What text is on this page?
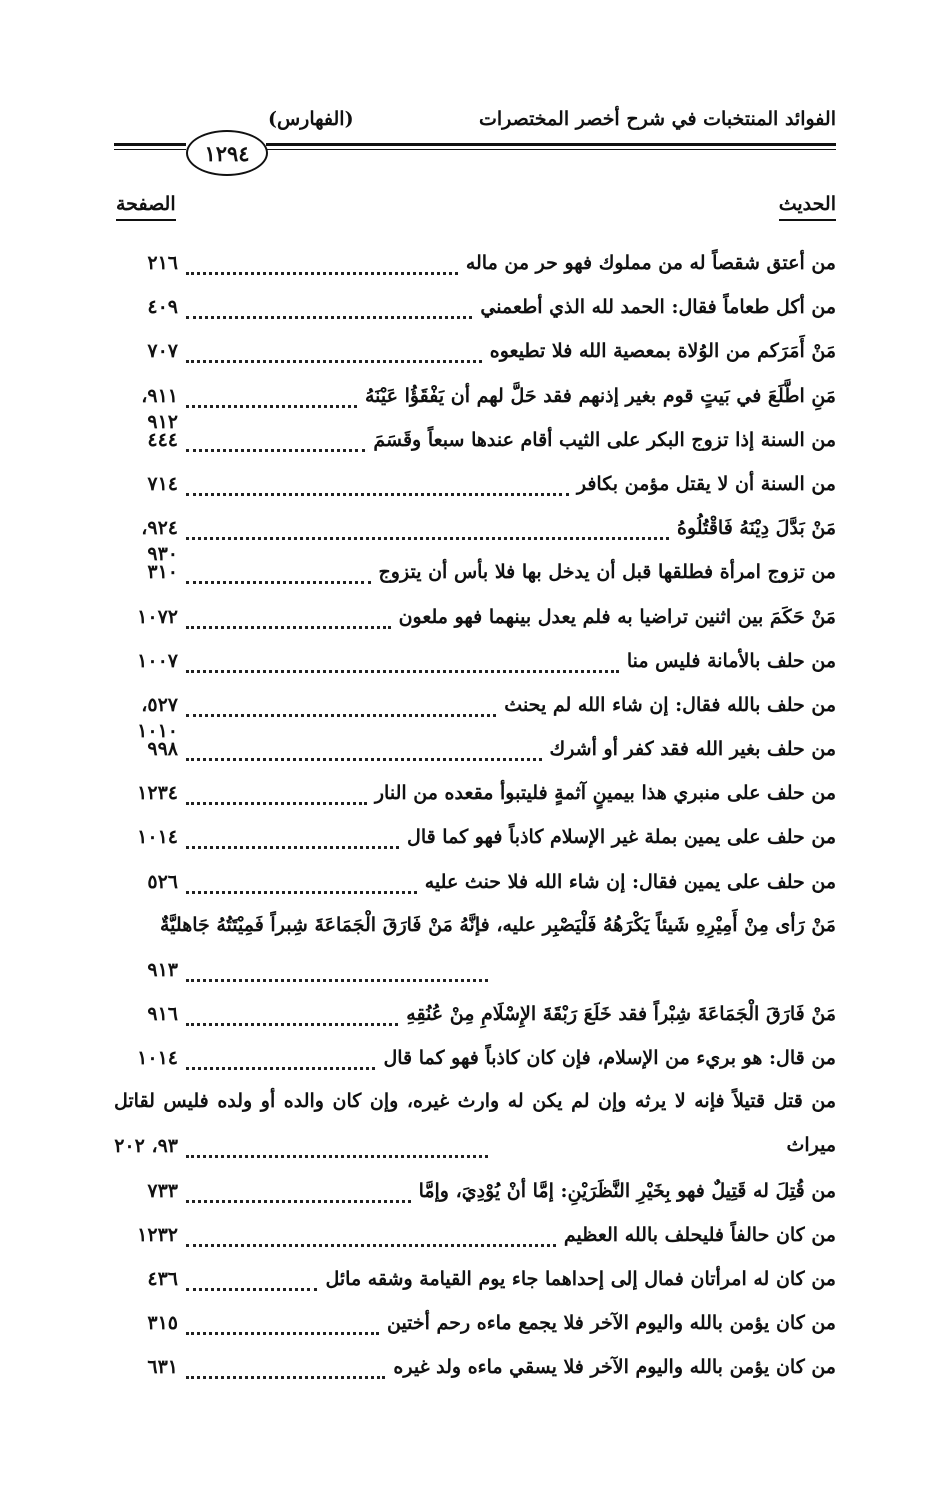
الفوائد المنتخبات في شرح أخصر المختصرات
(الفهارس)
١٢٩٤
الحديث
الصفحة
من أعتق شقصاً له من مملوك فهو حر من ماله
٢١٦
من أكل طعاماً فقال: الحمد لله الذي أطعمني
٤٠٩
مَنْ أَمَرَكم من الوُلاة بمعصية الله فلا تطيعوه
٧٠٧
مَنِ اطَّلَعَ في بَيتٍ قوم بغير إذنهم فقد حَلَّ لهم أن يَفْقَؤُا عَيْنَهُ
٩١١، ٩١٢
من السنة إذا تزوج البكر على الثيب أقام عندها سبعاً وقَسَمَ
٤٤٤
من السنة أن لا يقتل مؤمن بكافر
٧١٤
مَنْ بَدَّلَ دِيْنَهُ فَاقْتُلُوهُ
٩٢٤، ٩٣٠
من تزوج امرأة فطلقها قبل أن يدخل بها فلا بأس أن يتزوج
٣١٠
مَنْ حَكَمَ بين اثنين تراضيا به فلم يعدل بينهما فهو ملعون
١٠٧٢
من حلف بالأمانة فليس منا
١٠٠٧
من حلف بالله فقال: إن شاء الله لم يحنث
٥٢٧، ١٠١٠
من حلف بغير الله فقد كفر أو أشرك
٩٩٨
من حلف على منبري هذا بيمينٍ آثمةٍ فليتبوأ مقعده من النار
١٢٣٤
من حلف على يمين بملة غير الإسلام كاذباً فهو كما قال
١٠١٤
من حلف على يمين فقال: إن شاء الله فلا حنث عليه
٥٢٦
مَنْ رَأى مِنْ أَمِيْرِهِ شَيئاً يَكْرَهُهُ فَلْيَصْبِر عليه، فإنَّهُ مَنْ فَارَقَ الْجَمَاعَةَ شِبراً فَمِيْتَتُهُ جَاهليَّةٌ
٩١٣
مَنْ فَارَقَ الْجَمَاعَةَ شِبْراً فقد خَلَعَ رَبْقَةَ الإِسْلَامِ مِنْ عُنُقِهِ
٩١٦
من قال: هو بريء من الإسلام، فإن كان كاذباً فهو كما قال
١٠١٤
من قتل قتيلاً فإنه لا يرثه وإن لم يكن له وارث غيره، وإن كان والده أو ولده فليس لقاتل ميراث
٩٣، ٢٠٢
من قُتِلَ له قَتِيلٌ فهو بِخَيْرِ النَّظَرَيْنِ: إمَّا أنْ يُوْدِيَ، وإمَّا
٧٣٣
من كان حالفاً فليحلف بالله العظيم
١٢٣٢
من كان له امرأتان فمال إلى إحداهما جاء يوم القيامة وشقه مائل
٤٣٦
من كان يؤمن بالله واليوم الآخر فلا يجمع ماءه رحم أختين
٣١٥
من كان يؤمن بالله واليوم الآخر فلا يسقي ماءه ولد غيره
٦٣١
